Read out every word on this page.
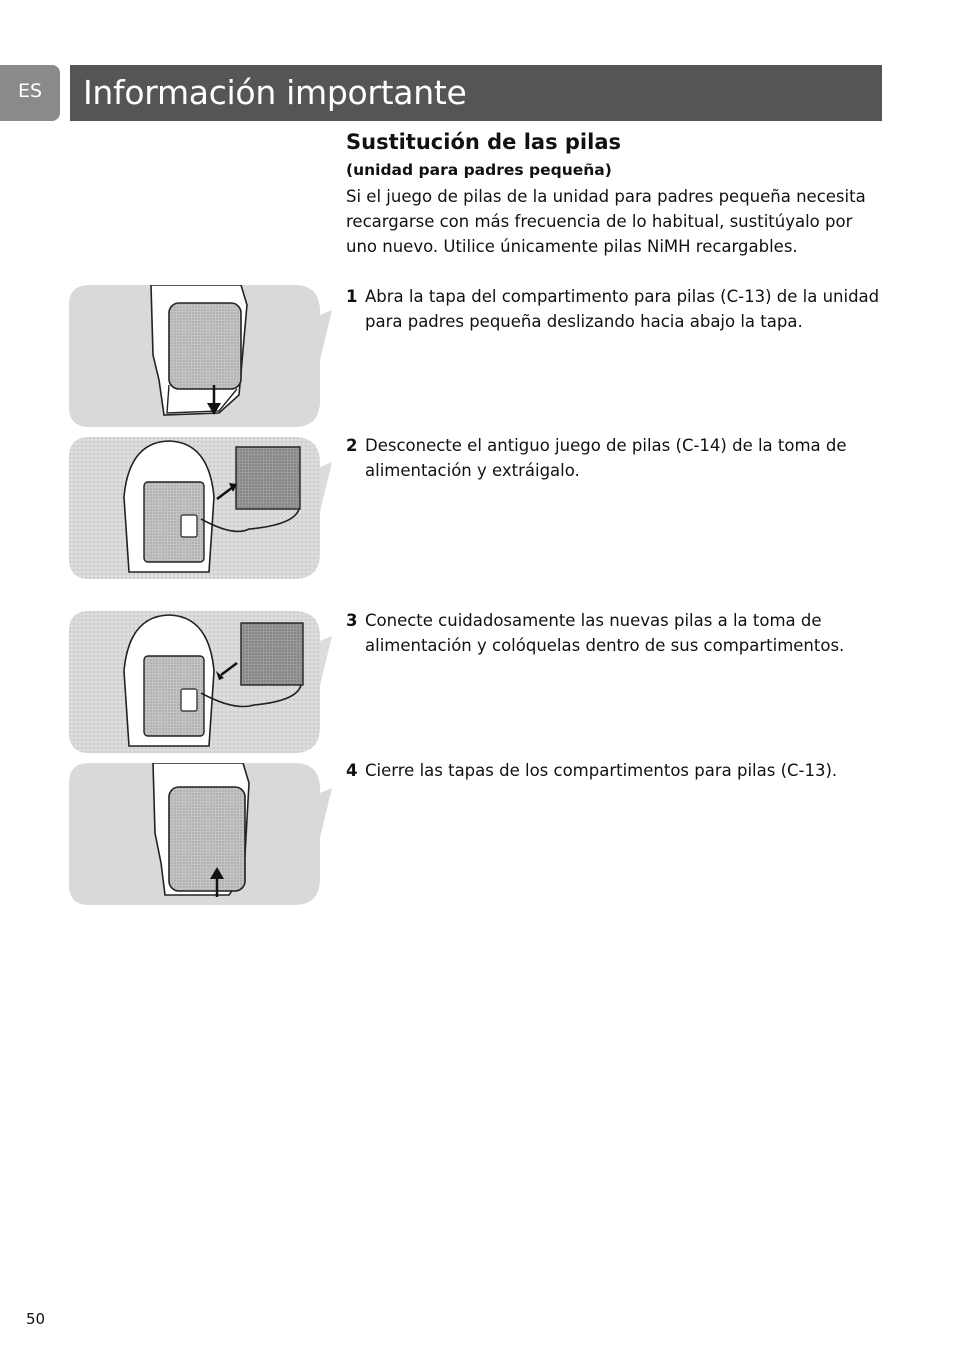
ES	Información importante
Sustitución de las pilas
(unidad para padres pequeña)
Si el juego de pilas de la unidad para padres pequeña necesita recargarse con más frecuencia de lo habitual, sustitúyalo por uno nuevo. Utilice únicamente pilas NiMH recargables.
1 Abra la tapa del compartimento para pilas (C-13) de la unidad para padres pequeña deslizando hacia abajo la tapa.
2 Desconecte el antiguo juego de pilas (C-14) de la toma de alimentación y extráigalo.
3 Conecte cuidadosamente las nuevas pilas a la toma de alimentación y colóquelas dentro de sus compartimentos.
4 Cierre las tapas de los compartimentos para pilas (C-13).
50
